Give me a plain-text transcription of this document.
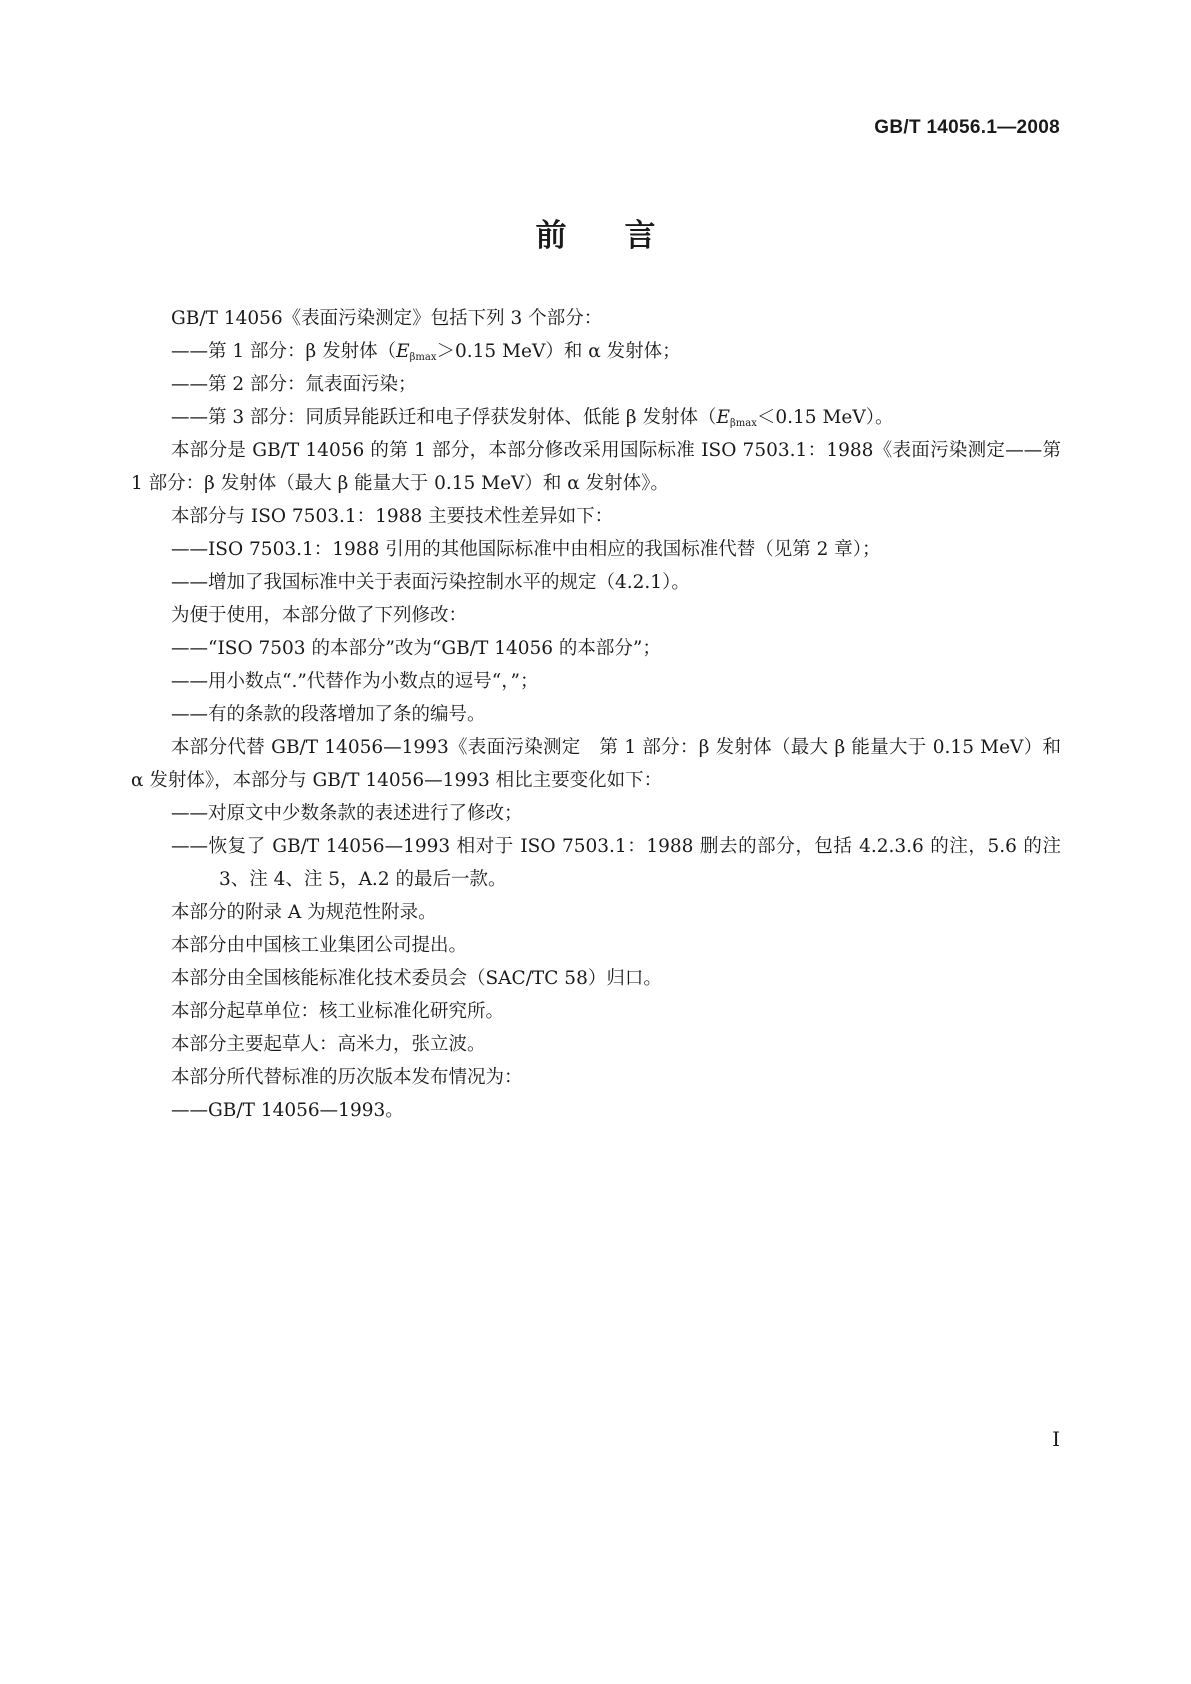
GB/T 14056.1—2008
前言

GB/T 14056《表面污染测定》包括下列 3 个部分：

——第 1 部分：β 发射体（$E_{\beta max}>0.15$ MeV）和 α 发射体；

——第 2 部分：氚表面污染；

——第 3 部分：同质异能跃迁和电子俘获发射体、低能 β 发射体（$E_{\beta max}<0.15$ MeV）。

本部分是 GB/T 14056 的第 1 部分，本部分修改采用国际标准 ISO 7503.1：1988《表面污染测定——第 1 部分：β 发射体（最大 β 能量大于 0.15 MeV）和 α 发射体》。

本部分与 ISO 7503.1：1988 主要技术性差异如下：

——ISO 7503.1：1988 引用的其他国际标准中由相应的我国标准代替（见第 2 章）；

——增加了我国标准中关于表面污染控制水平的规定（4.2.1）。

为便于使用，本部分做了下列修改：

——“ISO 7503 的本部分”改为“GB/T 14056 的本部分”；

——用小数点“.”代替作为小数点的逗号“，”；

——有的条款的段落增加了条的编号。

本部分代替 GB/T 14056—1993《表面污染测定　第 1 部分：β 发射体（最大 β 能量大于 0.15 MeV）和 α 发射体》，本部分与 GB/T 14056—1993 相比主要变化如下：

——对原文中少数条款的表述进行了修改；

——恢复了 GB/T 14056—1993 相对于 ISO 7503.1：1988 删去的部分，包括 4.2.3.6 的注，5.6 的注 3、注 4、注 5，A.2 的最后一款。

本部分的附录 A 为规范性附录。

本部分由中国核工业集团公司提出。

本部分由全国核能标准化技术委员会（SAC/TC 58）归口。

本部分起草单位：核工业标准化研究所。

本部分主要起草人：高米力，张立波。

本部分所代替标准的历次版本发布情况为：

——GB/T 14056—1993。

I
